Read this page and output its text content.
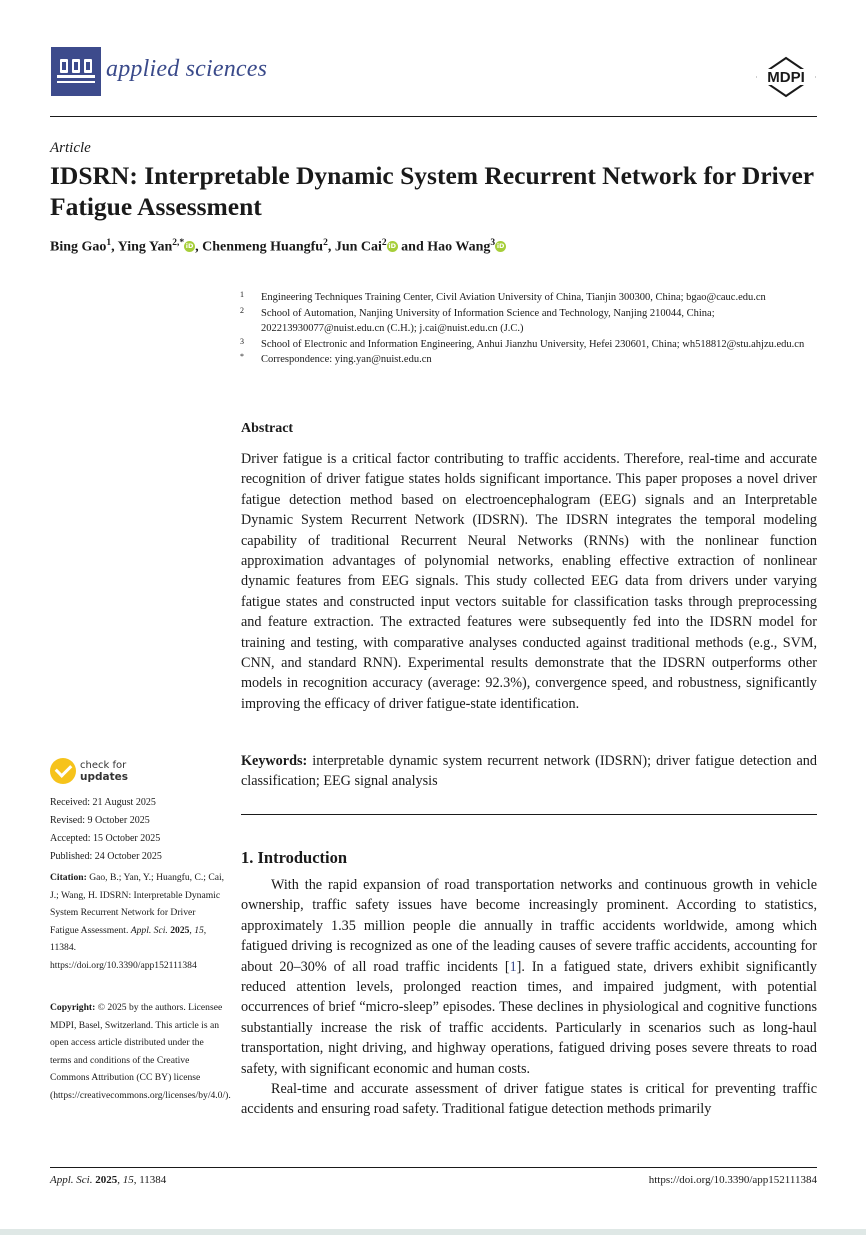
applied sciences	MDPI
Article
IDSRN: Interpretable Dynamic System Recurrent Network for Driver Fatigue Assessment
Bing Gao$^1$, Ying Yan$^{2,*}$ iD , Chenmeng Huangfu$^2$, Jun Cai$^2$ iD and Hao Wang$^3$ iD
1 Engineering Techniques Training Center, Civil Aviation University of China, Tianjin 300300, China; bgao@cauc.edu.cn
2 School of Automation, Nanjing University of Information Science and Technology, Nanjing 210044, China; 202213930077@nuist.edu.cn (C.H.); j.cai@nuist.edu.cn (J.C.)
3 School of Electronic and Information Engineering, Anhui Jianzhu University, Hefei 230601, China; wh518812@stu.ahjzu.edu.cn
* Correspondence: ying.yan@nuist.edu.cn
Abstract
Driver fatigue is a critical factor contributing to traffic accidents. Therefore, real-time and accurate recognition of driver fatigue states holds significant importance. This paper proposes a novel driver fatigue detection method based on electroencephalogram (EEG) signals and an Interpretable Dynamic System Recurrent Network (IDSRN). The IDSRN integrates the temporal modeling capability of traditional Recurrent Neural Networks (RNNs) with the nonlinear function approximation advantages of polynomial networks, enabling effective extraction of nonlinear dynamic features from EEG signals. This study collected EEG data from drivers under varying fatigue states and constructed input vectors suitable for classification tasks through preprocessing and feature extraction. The extracted features were subsequently fed into the IDSRN model for training and testing, with comparative analyses conducted against traditional methods (e.g., SVM, CNN, and standard RNN). Experimental results demonstrate that the IDSRN outperforms other models in recognition accuracy (average: 92.3%), convergence speed, and robustness, significantly improving the efficacy of driver fatigue-state identification.
Keywords: interpretable dynamic system recurrent network (IDSRN); driver fatigue detection and classification; EEG signal analysis
1. Introduction

With the rapid expansion of road transportation networks and continuous growth in vehicle ownership, traffic safety issues have become increasingly prominent. According to statistics, approximately 1.35 million people die annually in traffic accidents worldwide, among which fatigued driving is recognized as one of the leading causes of severe traffic accidents, accounting for about 20–30% of all road traffic incidents [1]. In a fatigued state, drivers exhibit significantly reduced attention levels, prolonged reaction times, and impaired judgment, with potential occurrences of brief “micro-sleep” episodes. These declines in physiological and cognitive functions substantially increase the risk of traffic accidents. Particularly in scenarios such as long-haul transportation, night driving, and highway operations, fatigued driving poses severe threats to road safety, with significant economic and human costs.

Real-time and accurate assessment of driver fatigue states is critical for preventing traffic accidents and ensuring road safety. Traditional fatigue detection methods primarily

check for
updates
Received: 21 August 2025
Revised: 9 October 2025
Accepted: 15 October 2025
Published: 24 October 2025
Citation: Gao, B.; Yan, Y.; Huangfu, C.; Cai, J.; Wang, H. IDSRN: Interpretable Dynamic System Recurrent Network for Driver Fatigue Assessment. Appl. Sci. 2025, 15, 11384. https://doi.org/10.3390/app152111384
Copyright: © 2025 by the authors. Licensee MDPI, Basel, Switzerland. This article is an open access article distributed under the terms and conditions of the Creative Commons Attribution (CC BY) license (https://creativecommons.org/licenses/by/4.0/).
Appl. Sci. 2025, 15, 11384	https://doi.org/10.3390/app152111384
